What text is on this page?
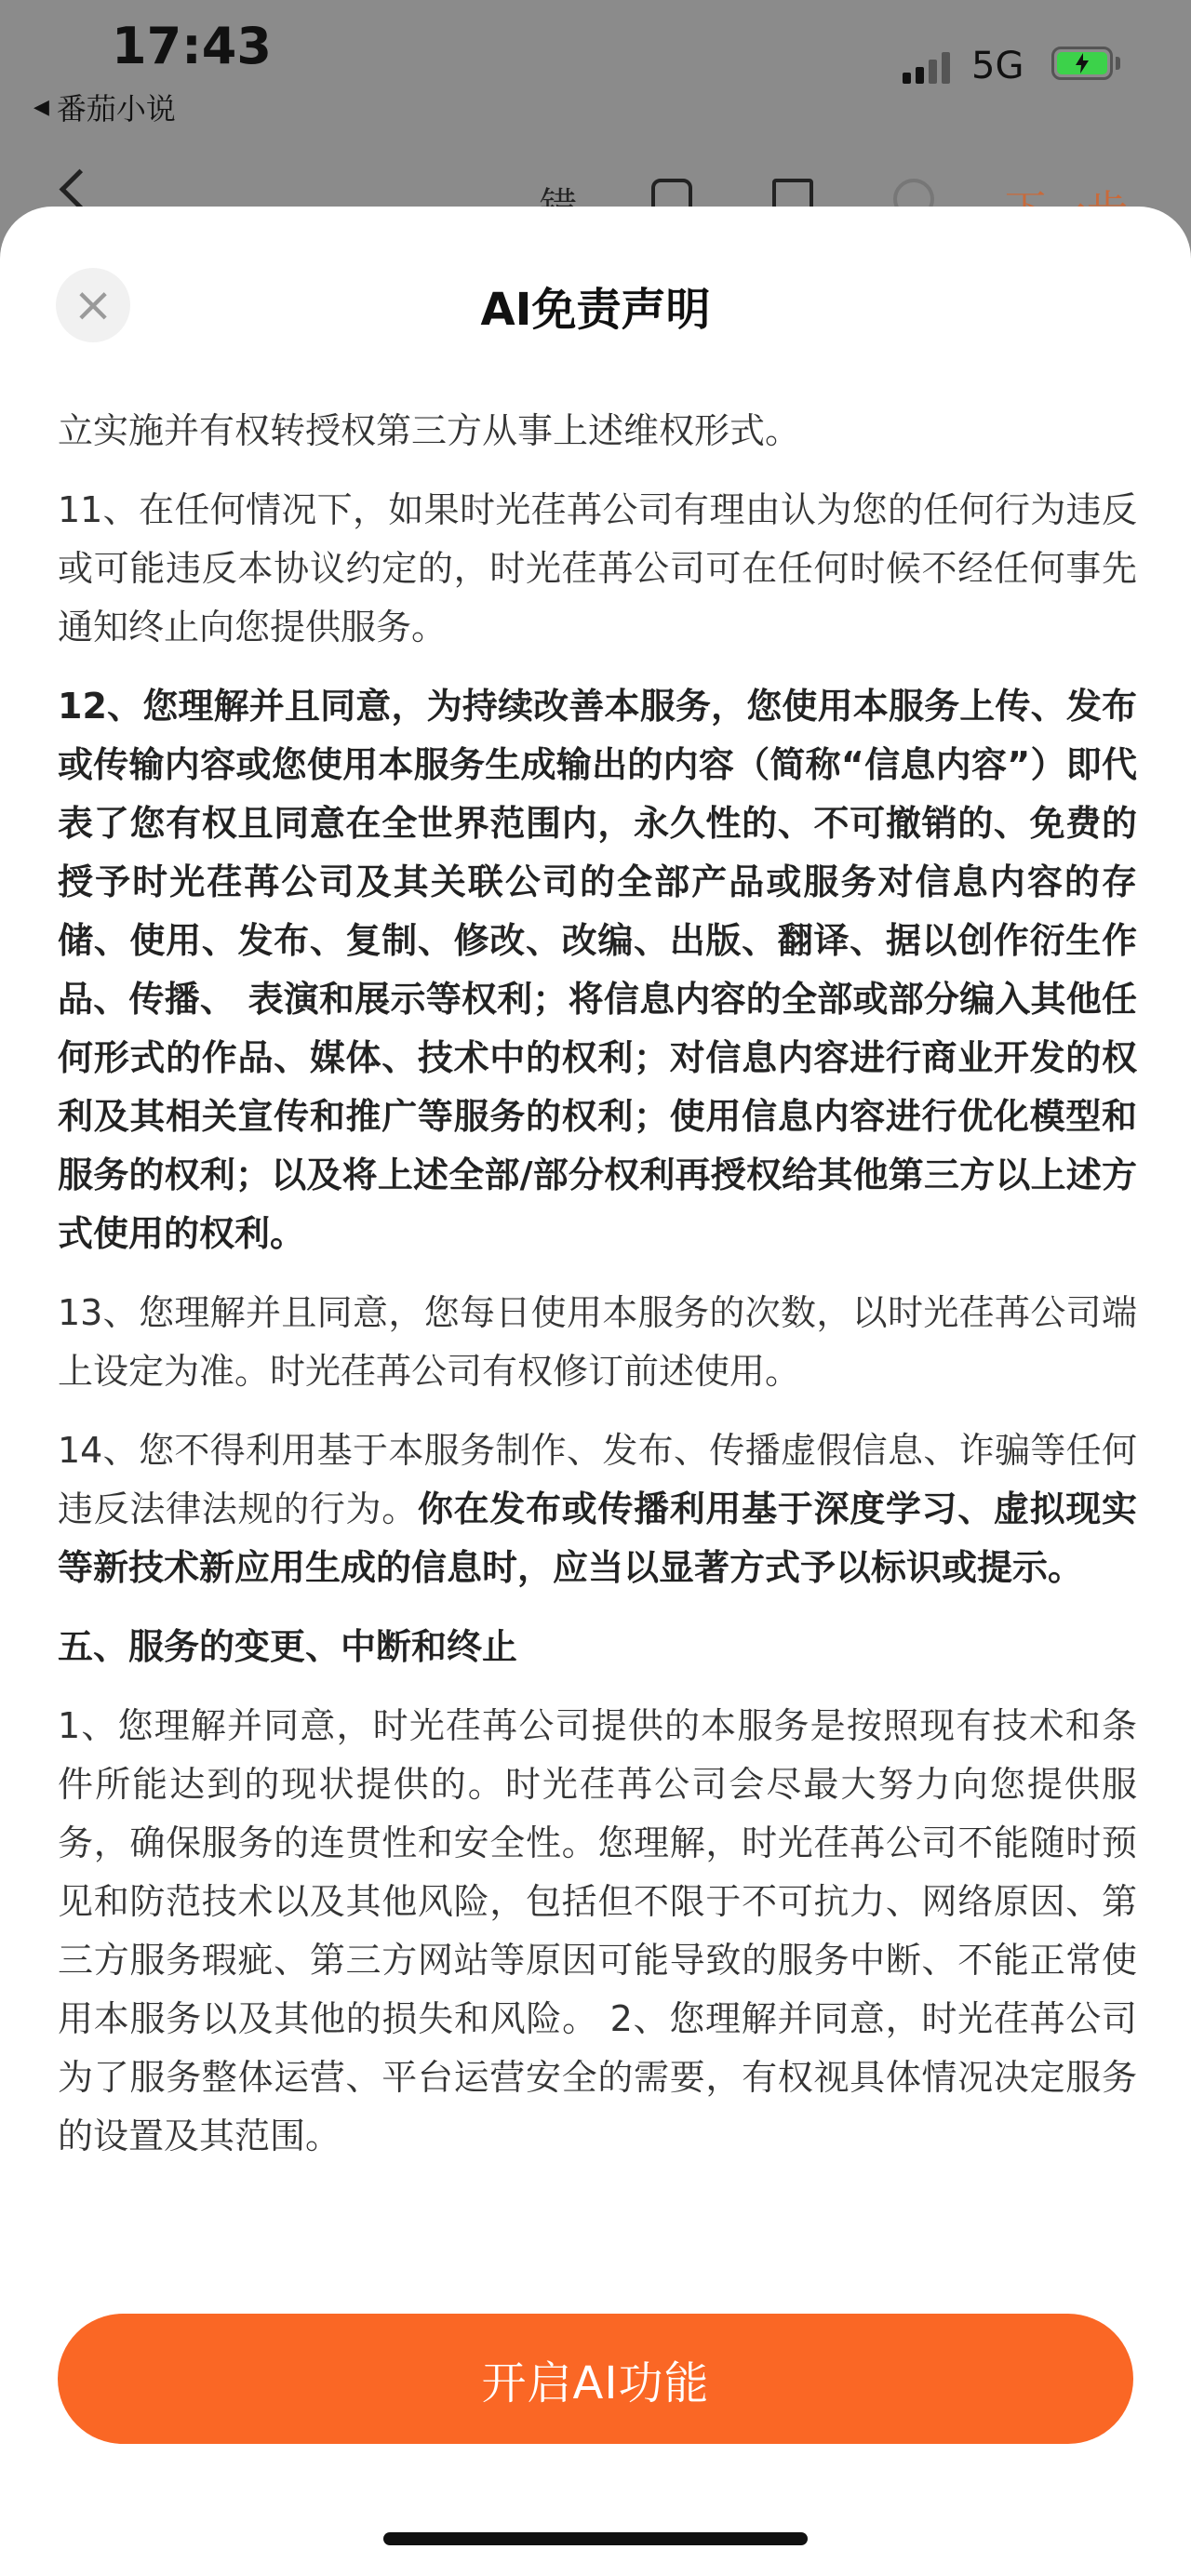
17:43
◀ 番茄小说
5G
×	AI免责声明

立实施并有权转授权第三方从事上述维权形式。

11、在任何情况下，如果时光荏苒公司有理由认为您的任何行为违反或可能违反本协议约定的，时光荏苒公司可在任何时候不经任何事先通知终止向您提供服务。

12、您理解并且同意，为持续改善本服务，您使用本服务上传、发布或传输内容或您使用本服务生成输出的内容（简称“信息内容”）即代表了您有权且同意在全世界范围内，永久性的、不可撤销的、免费的授予时光荏苒公司及其关联公司的全部产品或服务对信息内容的存储、使用、发布、复制、修改、改编、出版、翻译、据以创作衍生作品、传播、 表演和展示等权利；将信息内容的全部或部分编入其他任何形式的作品、媒体、技术中的权利；对信息内容进行商业开发的权利及其相关宣传和推广等服务的权利；使用信息内容进行优化模型和服务的权利；以及将上述全部/部分权利再授权给其他第三方以上述方式使用的权利。

13、您理解并且同意，您每日使用本服务的次数，以时光荏苒公司端上设定为准。时光荏苒公司有权修订前述使用。

14、您不得利用基于本服务制作、发布、传播虚假信息、诈骗等任何违反法律法规的行为。你在发布或传播利用基于深度学习、虚拟现实等新技术新应用生成的信息时，应当以显著方式予以标识或提示。

五、服务的变更、中断和终止

1、您理解并同意，时光荏苒公司提供的本服务是按照现有技术和条件所能达到的现状提供的。时光荏苒公司会尽最大努力向您提供服务，确保服务的连贯性和安全性。您理解，时光荏苒公司不能随时预见和防范技术以及其他风险，包括但不限于不可抗力、网络原因、第三方服务瑕疵、第三方网站等原因可能导致的服务中断、不能正常使用本服务以及其他的损失和风险。 2、您理解并同意，时光荏苒公司为了服务整体运营、平台运营安全的需要，有权视具体情况决定服务的设置及其范围。

开启AI功能
